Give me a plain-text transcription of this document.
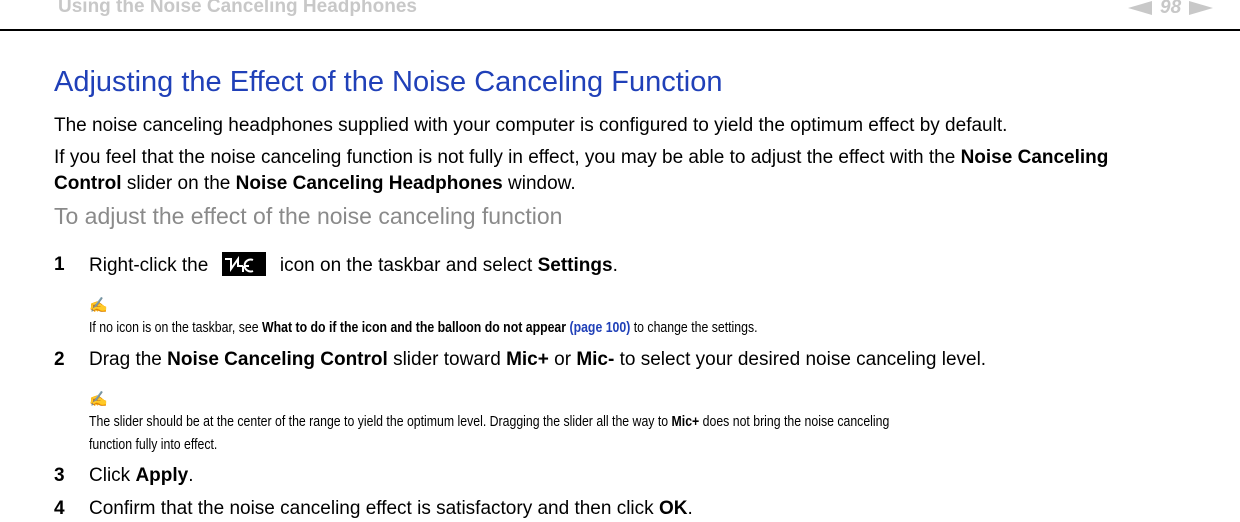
Using the Noise Canceling Headphones	98
Adjusting the Effect of the Noise Canceling Function
The noise canceling headphones supplied with your computer is configured to yield the optimum effect by default.
If you feel that the noise canceling function is not fully in effect, you may be able to adjust the effect with the Noise Canceling
Control slider on the Noise Canceling Headphones window.
To adjust the effect of the noise canceling function
1 Right-click the	icon on the taskbar and select Settings.
✍
If no icon is on the taskbar, see What to do if the icon and the balloon do not appear (page 100) to change the settings.
2 Drag the Noise Canceling Control slider toward Mic+ or Mic- to select your desired noise canceling level.
✍
The slider should be at the center of the range to yield the optimum level. Dragging the slider all the way to Mic+ does not bring the noise canceling
function fully into effect.
3 Click Apply.
4 Confirm that the noise canceling effect is satisfactory and then click OK.
